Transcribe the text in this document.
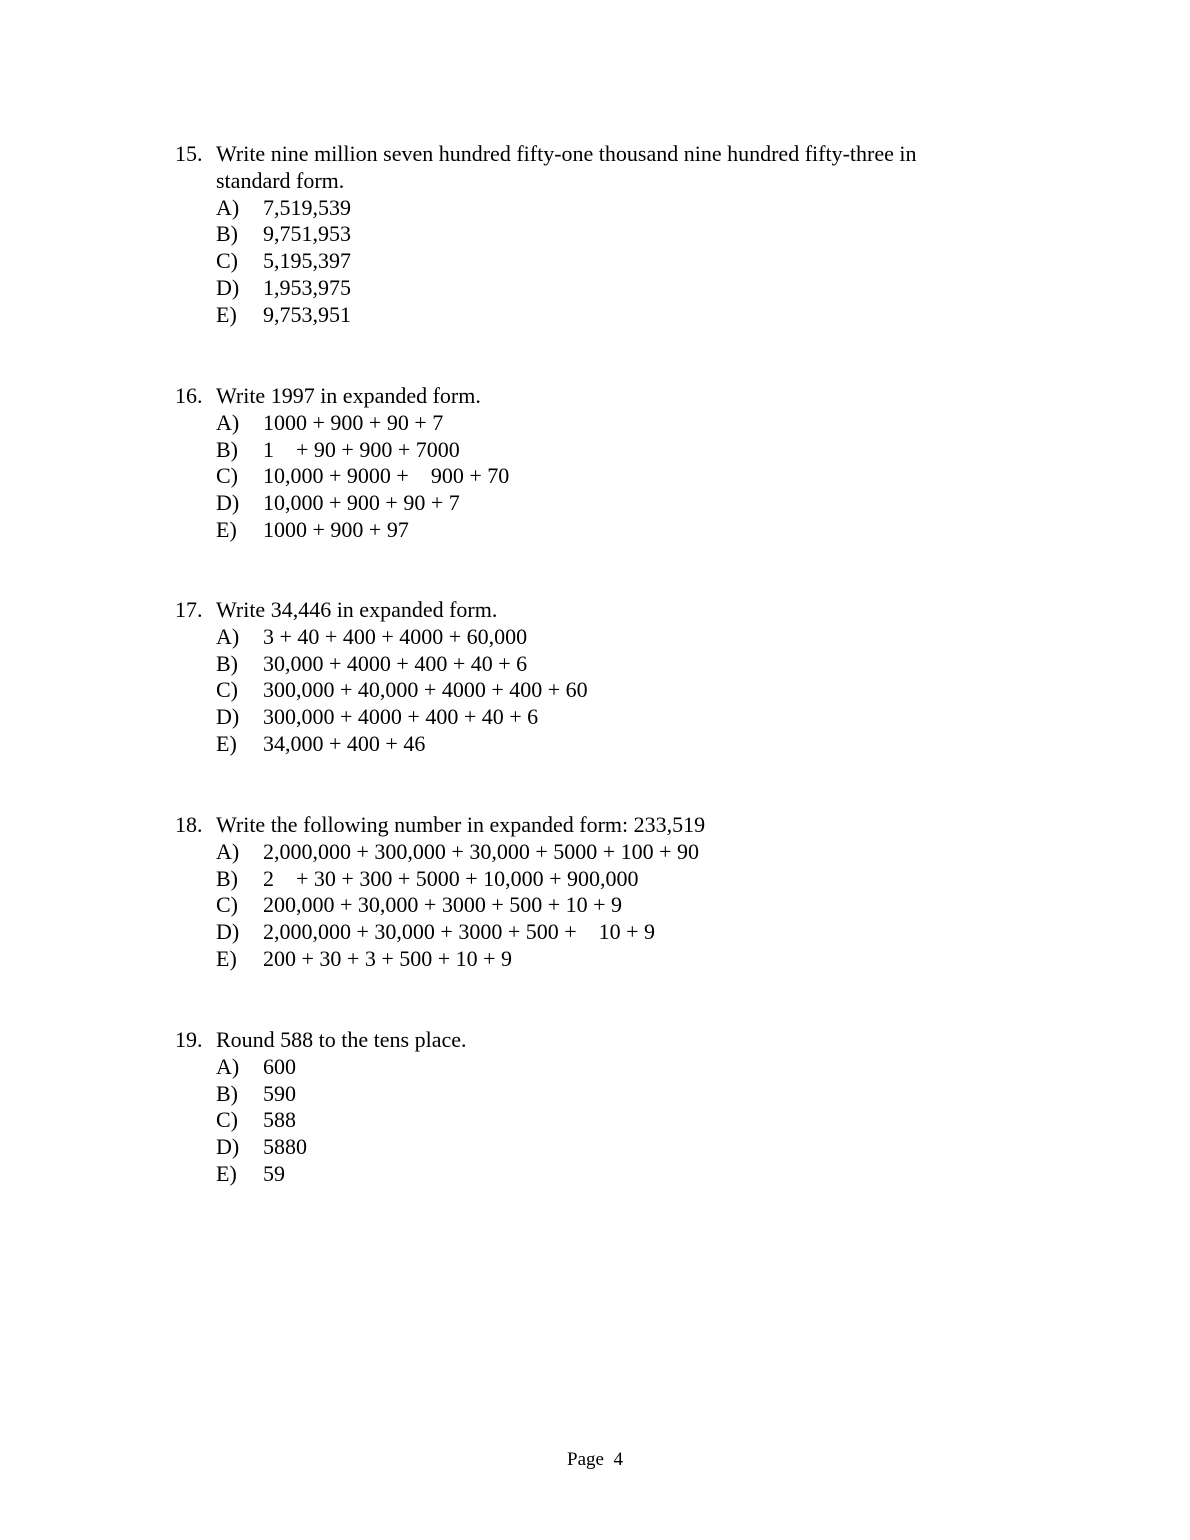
15. Write nine million seven hundred fifty-one thousand nine hundred fifty-three in standard form.
A)	7,519,539
B)	9,751,953
C)	5,195,397
D)	1,953,975
E)	9,753,951
16. Write 1997 in expanded form.
A)	1000 + 900 + 90 + 7
B)	1    + 90 + 900 + 7000
C)	10,000 + 9000 +    900 + 70
D)	10,000 + 900 + 90 + 7
E)	1000 + 900 + 97
17. Write 34,446 in expanded form.
A)	3 + 40 + 400 + 4000 + 60,000
B)	30,000 + 4000 + 400 + 40 + 6
C)	300,000 + 40,000 + 4000 + 400 + 60
D)	300,000 + 4000 + 400 + 40 + 6
E)	34,000 + 400 + 46
18. Write the following number in expanded form: 233,519
A)	2,000,000 + 300,000 + 30,000 + 5000 + 100 + 90
B)	2    + 30 + 300 + 5000 + 10,000 + 900,000
C)	200,000 + 30,000 + 3000 + 500 + 10 + 9
D)	2,000,000 + 30,000 + 3000 + 500 +    10 + 9
E)	200 + 30 + 3 + 500 + 10 + 9
19. Round 588 to the tens place.
A)	600
B)	590
C)	588
D)	5880
E)	59
Page  4
